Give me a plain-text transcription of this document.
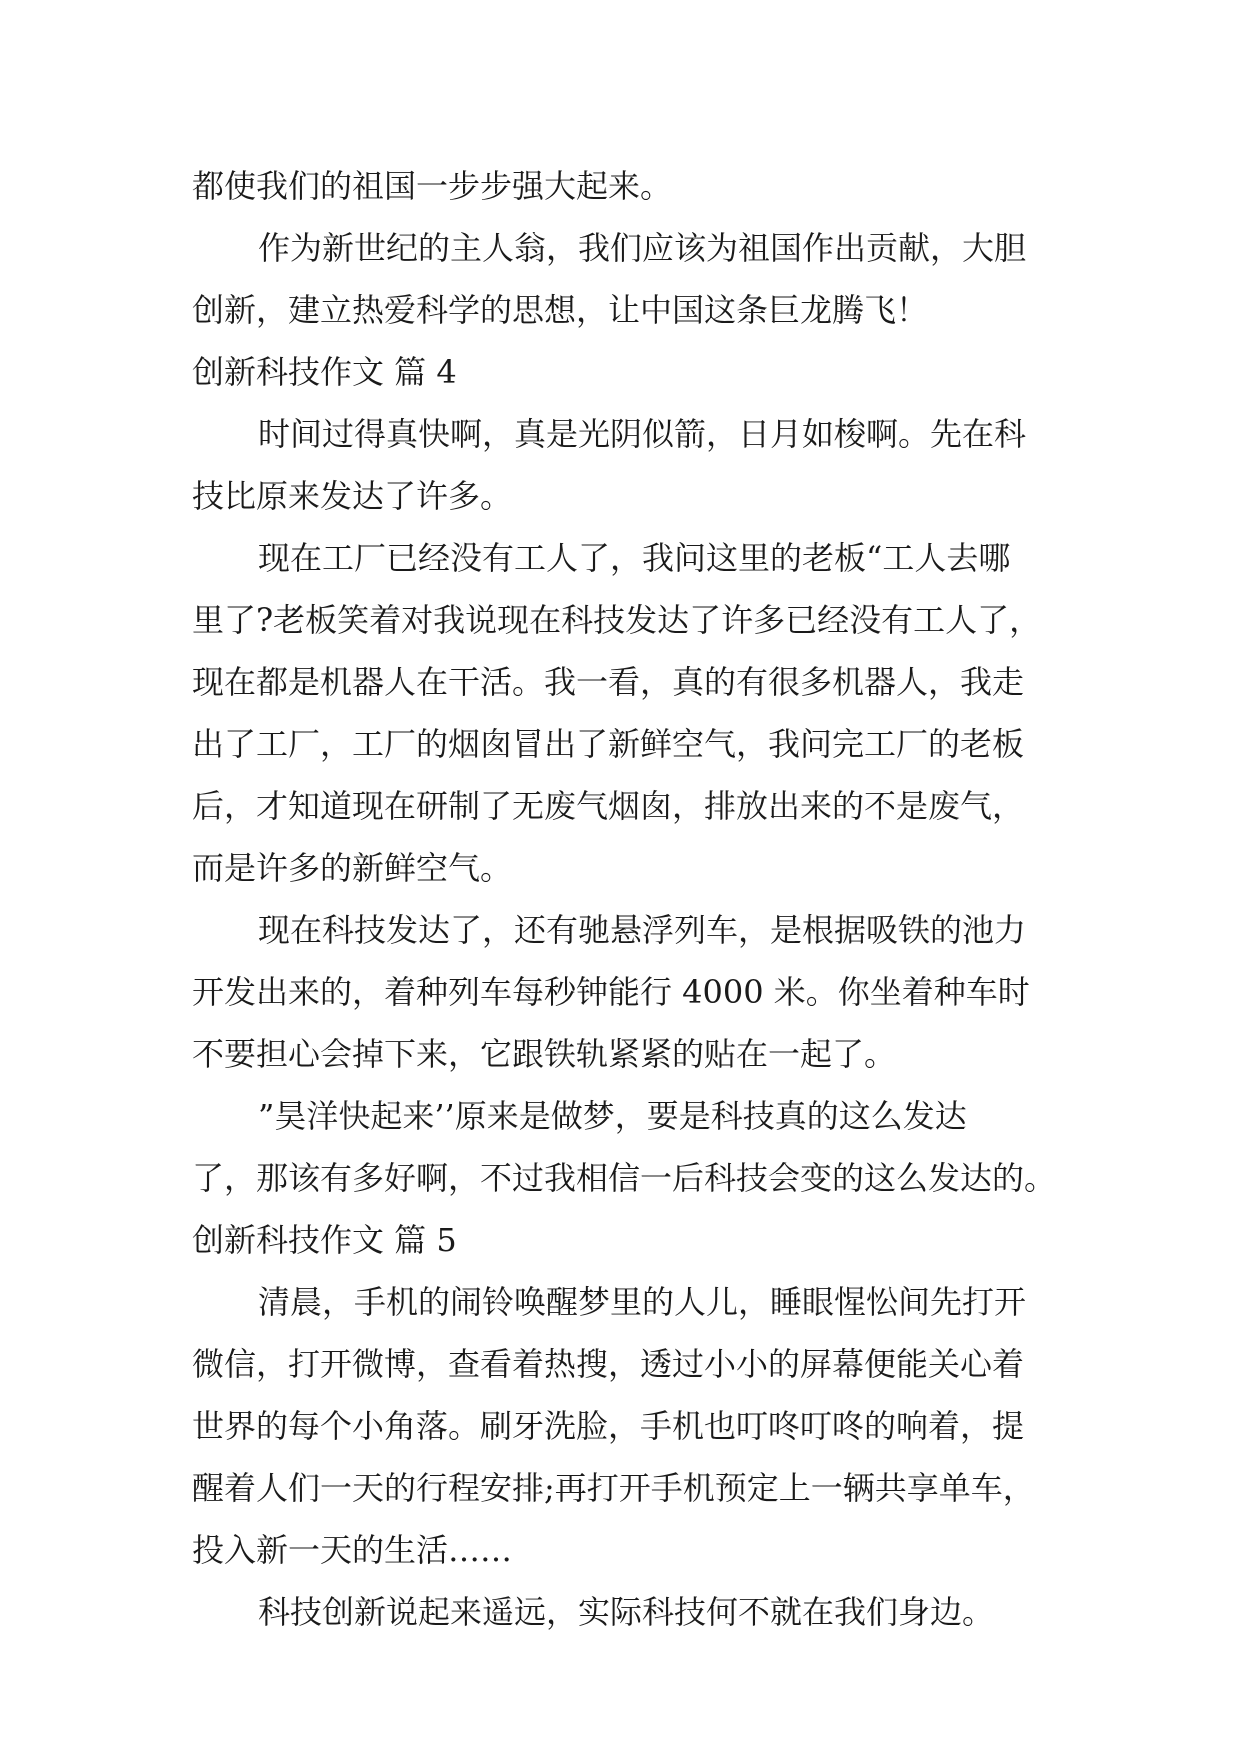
都使我们的祖国一步步强大起来。
作为新世纪的主人翁，我们应该为祖国作出贡献，大胆
创新，建立热爱科学的思想，让中国这条巨龙腾飞！
创新科技作文 篇 4
时间过得真快啊，真是光阴似箭，日月如梭啊。先在科
技比原来发达了许多。
现在工厂已经没有工人了，我问这里的老板“工人去哪
里了?老板笑着对我说现在科技发达了许多已经没有工人了，
现在都是机器人在干活。我一看，真的有很多机器人，我走
出了工厂，工厂的烟囱冒出了新鲜空气，我问完工厂的老板
后，才知道现在研制了无废气烟囱，排放出来的不是废气，
而是许多的新鲜空气。
现在科技发达了，还有驰悬浮列车，是根据吸铁的池力
开发出来的，着种列车每秒钟能行 4000 米。你坐着种车时
不要担心会掉下来，它跟铁轨紧紧的贴在一起了。
”昊洋快起来’’原来是做梦，要是科技真的这么发达
了，那该有多好啊，不过我相信一后科技会变的这么发达的。
创新科技作文 篇 5
清晨，手机的闹铃唤醒梦里的人儿，睡眼惺忪间先打开
微信，打开微博，查看着热搜，透过小小的屏幕便能关心着
世界的每个小角落。刷牙洗脸，手机也叮咚叮咚的响着，提
醒着人们一天的行程安排;再打开手机预定上一辆共享单车，
投入新一天的生活……
科技创新说起来遥远，实际科技何不就在我们身边。
